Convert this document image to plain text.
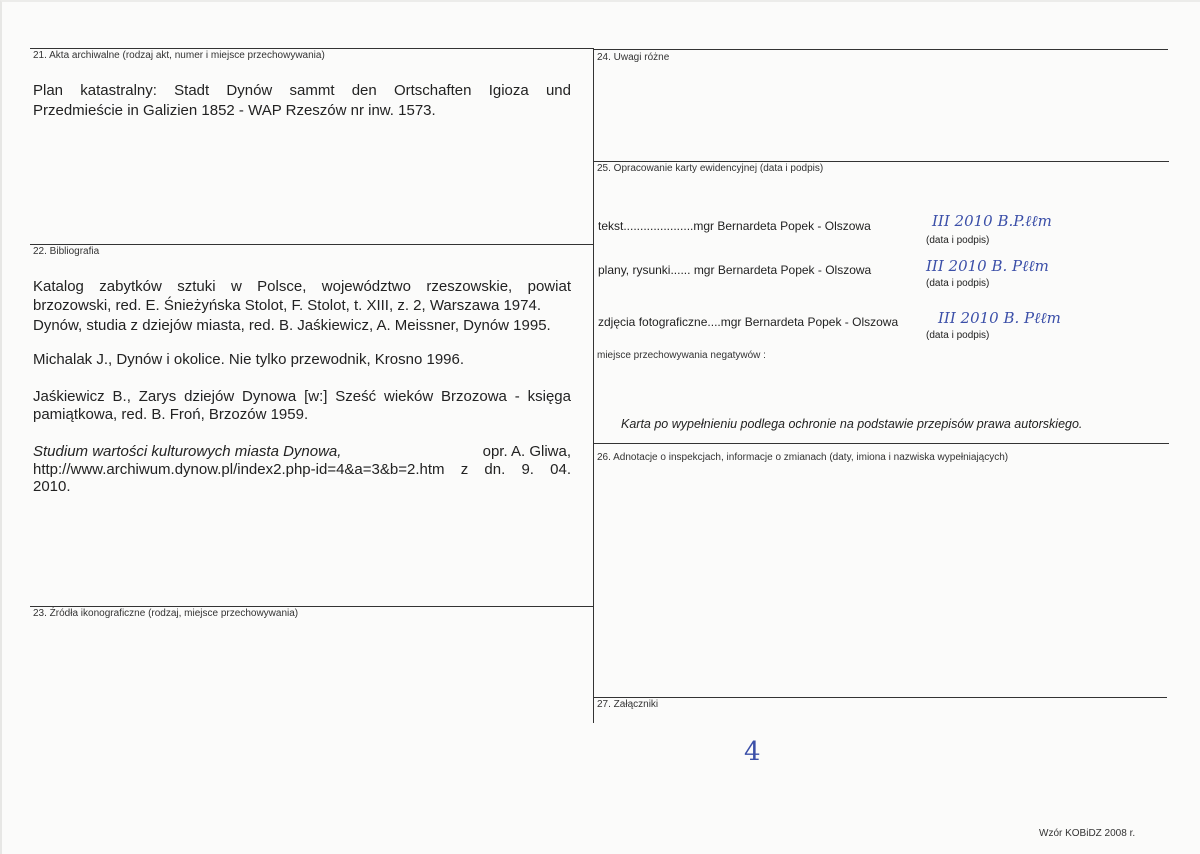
21. Akta archiwalne (rodzaj akt, numer i miejsce przechowywania)
Plan katastralny: Stadt Dynów sammt den Ortschaften Igioza und
Przedmieście in Galizien 1852 - WAP Rzeszów nr inw. 1573.
22. Bibliografia
Katalog zabytków sztuki w Polsce, województwo rzeszowskie, powiat
brzozowski, red. E. Śnieżyńska Stolot, F. Stolot, t. XIII, z. 2, Warszawa 1974.
Dynów, studia z dziejów miasta, red. B. Jaśkiewicz, A. Meissner, Dynów 1995.
Michalak J., Dynów i okolice. Nie tylko przewodnik, Krosno 1996.
Jaśkiewicz B., Zarys dziejów Dynowa [w:] Sześć wieków Brzozowa - księga
pamiątkowa, red. B. Froń, Brzozów 1959.
Studium wartości kulturowych miasta Dynowa,	opr. A. Gliwa,
http://www.archiwum.dynow.pl/index2.php-id=4&a=3&b=2.htm z dn. 9. 04.
2010.
23. Źródła ikonograficzne (rodzaj, miejsce przechowywania)
24. Uwagi różne
25. Opracowanie karty ewidencyjnej (data i podpis)
tekst.....................mgr Bernardeta Popek - Olszowa	III 2010 B.P.ℓℓm
(data i podpis)
plany, rysunki...... mgr Bernardeta Popek - Olszowa	III 2010 B. Pℓℓm
(data i podpis)
zdjęcia fotograficzne....mgr Bernardeta Popek - Olszowa	III 2010 B. Pℓℓm
(data i podpis)
miejsce przechowywania negatywów :
Karta po wypełnieniu podlega ochronie na podstawie przepisów prawa autorskiego.
26. Adnotacje o inspekcjach, informacje o zmianach (daty, imiona i nazwiska wypełniających)
27. Załączniki
4
Wzór KOBiDZ 2008 r.
